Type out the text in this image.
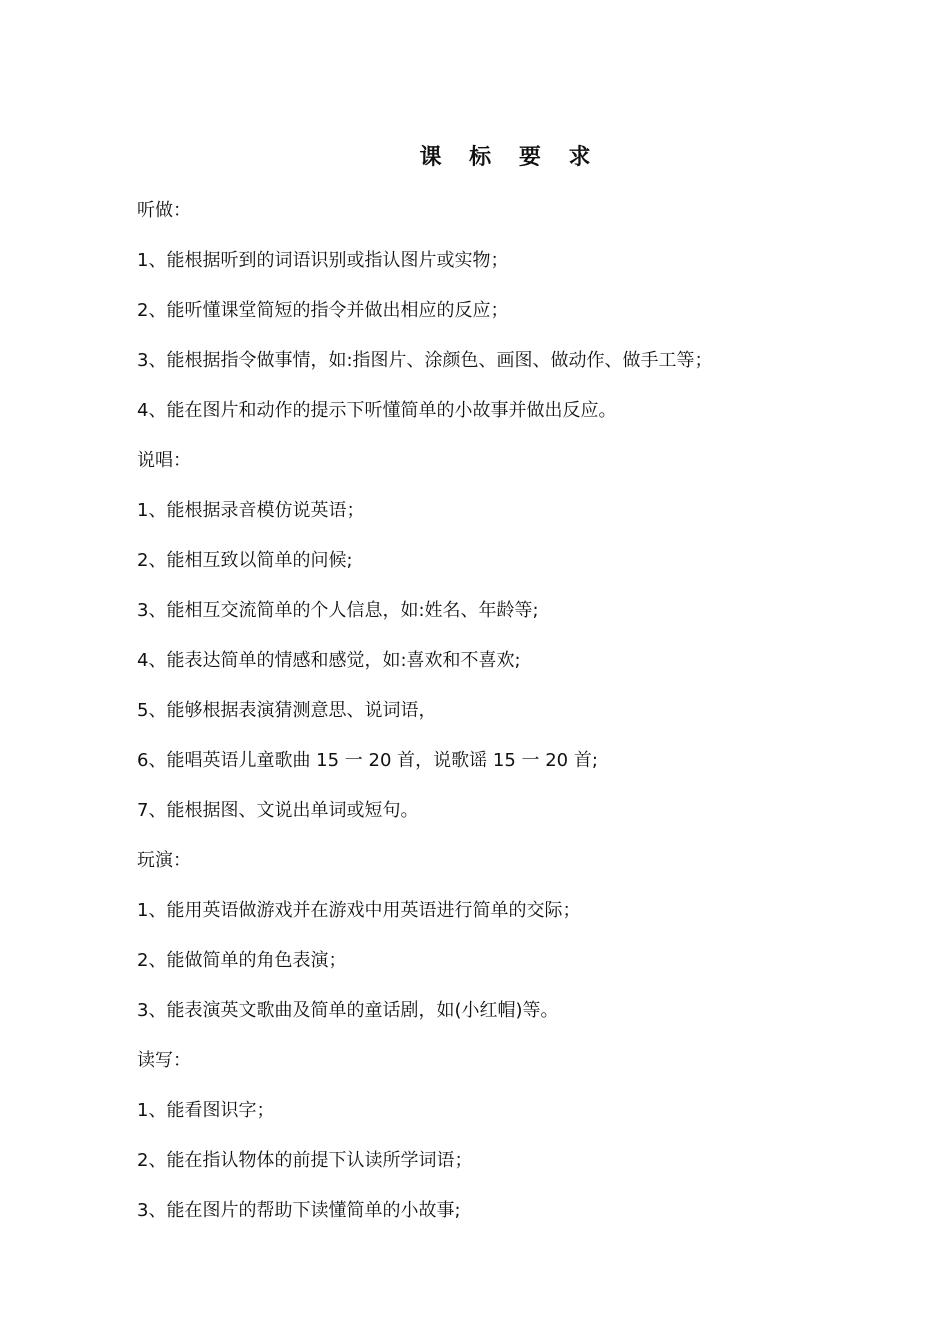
课 标 要 求
听做：
1、能根据听到的词语识别或指认图片或实物；
2、能听懂课堂简短的指令并做出相应的反应；
3、能根据指令做事情，如:指图片、涂颜色、画图、做动作、做手工等；
4、能在图片和动作的提示下听懂简单的小故事并做出反应。
说唱：
1、能根据录音模仿说英语；
2、能相互致以简单的问候;
3、能相互交流简单的个人信息，如:姓名、年龄等;
4、能表达简单的情感和感觉，如:喜欢和不喜欢;
5、能够根据表演猜测意思、说词语，
6、能唱英语儿童歌曲 15 一 20 首，说歌谣 15 一 20 首;
7、能根据图、文说出单词或短句。
玩演：
1、能用英语做游戏并在游戏中用英语进行简单的交际；
2、能做简单的角色表演；
3、能表演英文歌曲及简单的童话剧，如(小红帽)等。
读写：
1、能看图识字；
2、能在指认物体的前提下认读所学词语；
3、能在图片的帮助下读懂简单的小故事;
